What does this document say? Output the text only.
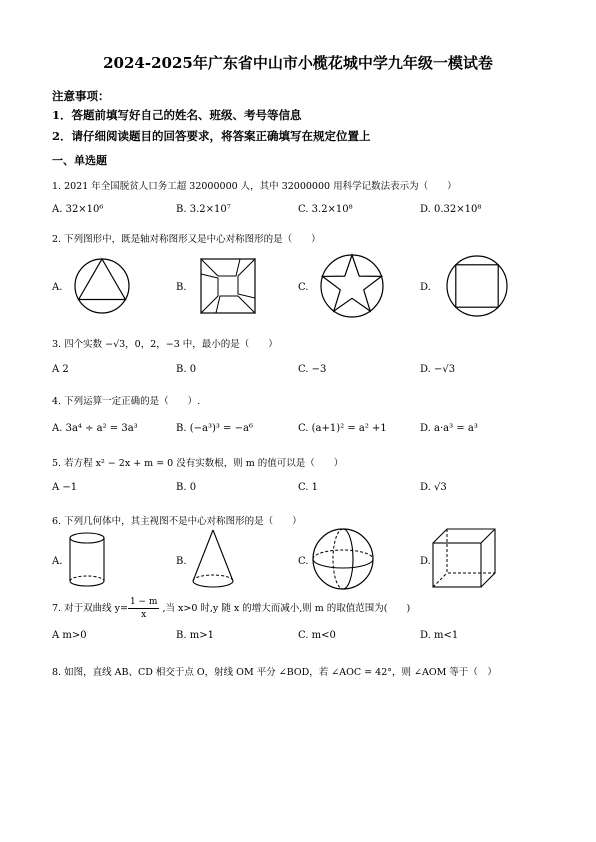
2024-2025年广东省中山市小榄花城中学九年级一模试卷
注意事项：
1．答题前填写好自己的姓名、班级、考号等信息
2．请仔细阅读题目的回答要求，将答案正确填写在规定位置上
一、单选题
1. 2021 年全国脱贫人口务工超 32000000 人，其中 32000000 用科学记数法表示为（　　）
A. 32×10⁶	B. 3.2×10⁷	C. 3.2×10⁸	D. 0.32×10⁸
2. 下列图形中，既是轴对称图形又是中心对称图形的是（　　）
A.	B.	C.	D.
3. 四个实数 −√3，0，2，−3 中，最小的是（　　）
A 2	B. 0	C. −3	D. −√3
4. 下列运算一定正确的是（　　）.
A. 3a⁴ ÷ a² = 3a³	B. (−a³)³ = −a⁶	C. (a+1)² = a² +1	D. a·a³ = a³
5. 若方程 x² − 2x + m = 0 没有实数根，则 m 的值可以是（　　）
A −1	B. 0	C. 1	D. √3
6. 下列几何体中，其主视图不是中心对称图形的是（　　）
A.	B.	C.	D.
7. 对于双曲线 $y= \frac{1 - m}{x}$ ,当 x>0 时,y 随 x 的增大而减小,则 m 的取值范围为(　　)
A m>0	B. m>1	C. m<0	D. m<1
8. 如图，直线 AB、CD 相交于点 O，射线 OM 平分 ∠BOD，若 ∠AOC = 42°，则 ∠AOM 等于（　）
